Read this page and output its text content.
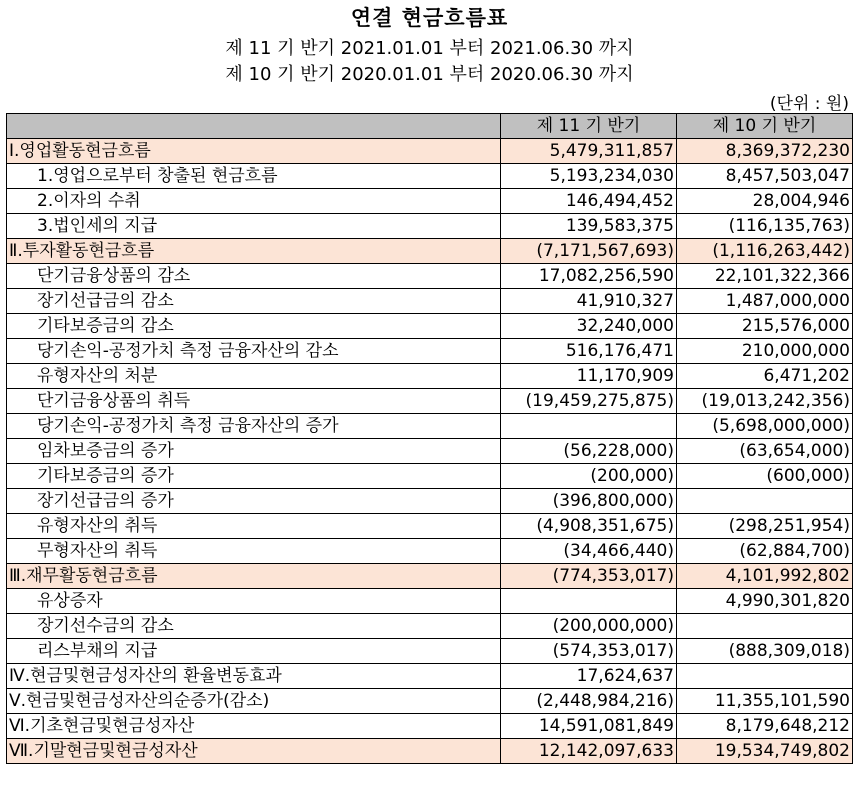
연결 현금흐름표
제 11 기 반기 2021.01.01 부터 2021.06.30 까지
제 10 기 반기 2020.01.01 부터 2020.06.30 까지
(단위 : 원)
	제 11 기 반기	제 10 기 반기
Ⅰ.영업활동현금흐름	5,479,311,857	8,369,372,230
1.영업으로부터 창출된 현금흐름	5,193,234,030	8,457,503,047
2.이자의 수취	146,494,452	28,004,946
3.법인세의 지급	139,583,375	(116,135,763)
Ⅱ.투자활동현금흐름	(7,171,567,693)	(1,116,263,442)
단기금융상품의 감소	17,082,256,590	22,101,322,366
장기선급금의 감소	41,910,327	1,487,000,000
기타보증금의 감소	32,240,000	215,576,000
당기손익-공정가치 측정 금융자산의 감소	516,176,471	210,000,000
유형자산의 처분	11,170,909	6,471,202
단기금융상품의 취득	(19,459,275,875)	(19,013,242,356)
당기손익-공정가치 측정 금융자산의 증가		(5,698,000,000)
임차보증금의 증가	(56,228,000)	(63,654,000)
기타보증금의 증가	(200,000)	(600,000)
장기선급금의 증가	(396,800,000)	
유형자산의 취득	(4,908,351,675)	(298,251,954)
무형자산의 취득	(34,466,440)	(62,884,700)
Ⅲ.재무활동현금흐름	(774,353,017)	4,101,992,802
유상증자		4,990,301,820
장기선수금의 감소	(200,000,000)	
리스부채의 지급	(574,353,017)	(888,309,018)
Ⅳ.현금및현금성자산의 환율변동효과	17,624,637	
Ⅴ.현금및현금성자산의순증가(감소)	(2,448,984,216)	11,355,101,590
Ⅵ.기초현금및현금성자산	14,591,081,849	8,179,648,212
Ⅶ.기말현금및현금성자산	12,142,097,633	19,534,749,802
